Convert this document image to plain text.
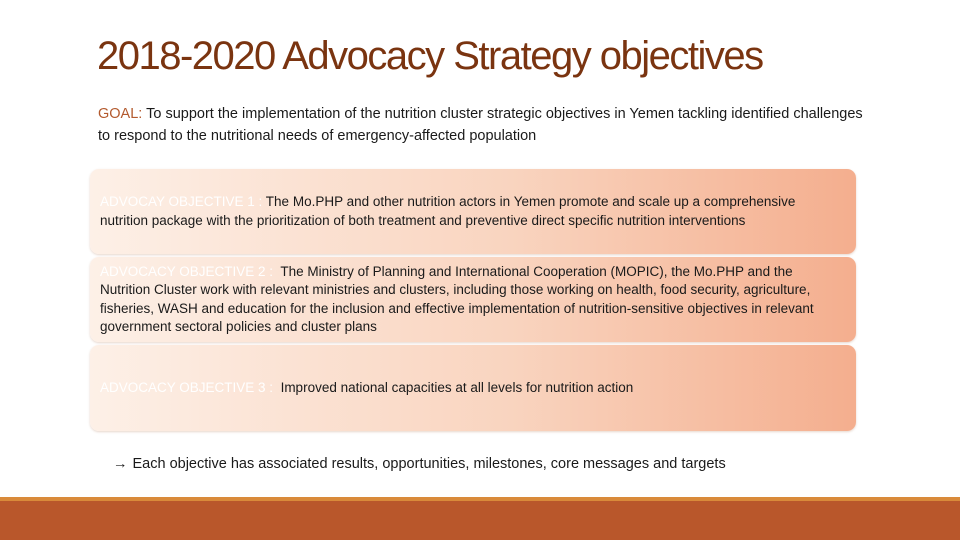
2018-2020 Advocacy Strategy objectives
GOAL: To support the implementation of the nutrition cluster strategic objectives in Yemen tackling identified challenges to respond to the nutritional needs of emergency-affected population
ADVOCAY OBJECTIVE 1 : The Mo.PHP and other nutrition actors in Yemen promote and scale up a comprehensive nutrition package with the prioritization of both treatment and preventive direct specific nutrition interventions
ADVOCACY OBJECTIVE 2 :  The Ministry of Planning and International Cooperation (MOPIC), the Mo.PHP and the Nutrition Cluster work with relevant ministries and clusters, including those working on health, food security, agriculture, fisheries, WASH and education for the inclusion and effective implementation of nutrition-sensitive objectives in relevant government sectoral policies and cluster plans
ADVOCACY OBJECTIVE 3 :  Improved national capacities at all levels for nutrition action
→ Each objective has associated results, opportunities, milestones, core messages and targets
